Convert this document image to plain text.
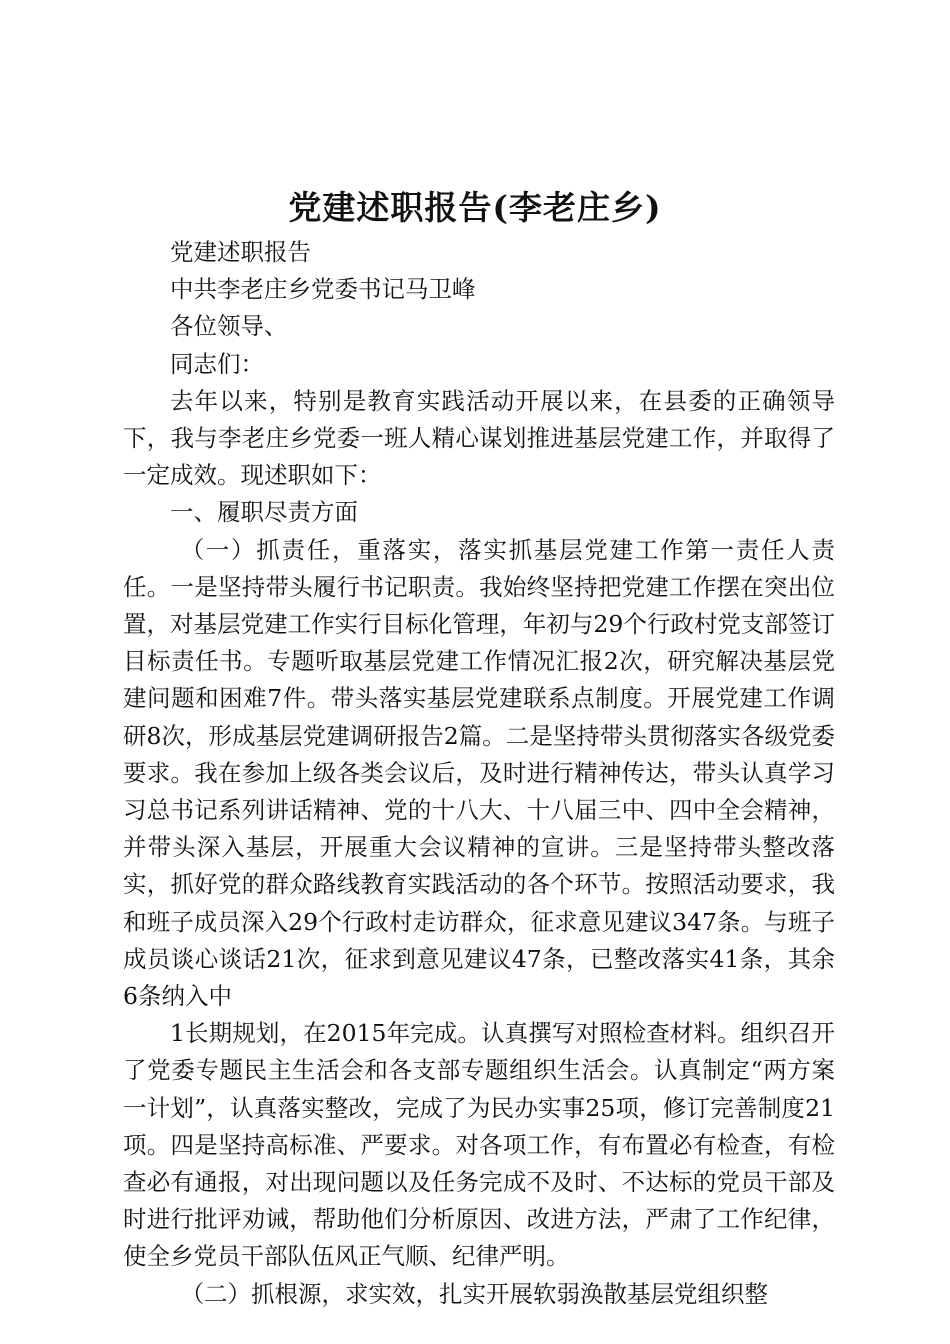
党建述职报告(李老庄乡)

党建述职报告

中共李老庄乡党委书记马卫峰

各位领导、

同志们：

去年以来，特别是教育实践活动开展以来，在县委的正确领导下，我与李老庄乡党委一班人精心谋划推进基层党建工作，并取得了一定成效。现述职如下：

一、履职尽责方面

（一）抓责任，重落实，落实抓基层党建工作第一责任人责任。一是坚持带头履行书记职责。我始终坚持把党建工作摆在突出位置，对基层党建工作实行目标化管理，年初与29个行政村党支部签订目标责任书。专题听取基层党建工作情况汇报2次，研究解决基层党建问题和困难7件。带头落实基层党建联系点制度。开展党建工作调研8次，形成基层党建调研报告2篇。二是坚持带头贯彻落实各级党委要求。我在参加上级各类会议后，及时进行精神传达，带头认真学习习总书记系列讲话精神、党的十八大、十八届三中、四中全会精神，并带头深入基层，开展重大会议精神的宣讲。三是坚持带头整改落实，抓好党的群众路线教育实践活动的各个环节。按照活动要求，我和班子成员深入29个行政村走访群众，征求意见建议347条。与班子成员谈心谈话21次，征求到意见建议47条，已整改落实41条，其余6条纳入中

1长期规划，在2015年完成。认真撰写对照检查材料。组织召开了党委专题民主生活会和各支部专题组织生活会。认真制定“两方案一计划”，认真落实整改，完成了为民办实事25项，修订完善制度21项。四是坚持高标准、严要求。对各项工作，有布置必有检查，有检查必有通报，对出现问题以及任务完成不及时、不达标的党员干部及时进行批评劝诫，帮助他们分析原因、改进方法，严肃了工作纪律，使全乡党员干部队伍风正气顺、纪律严明。

（二）抓根源，求实效，扎实开展软弱涣散基层党组织整
